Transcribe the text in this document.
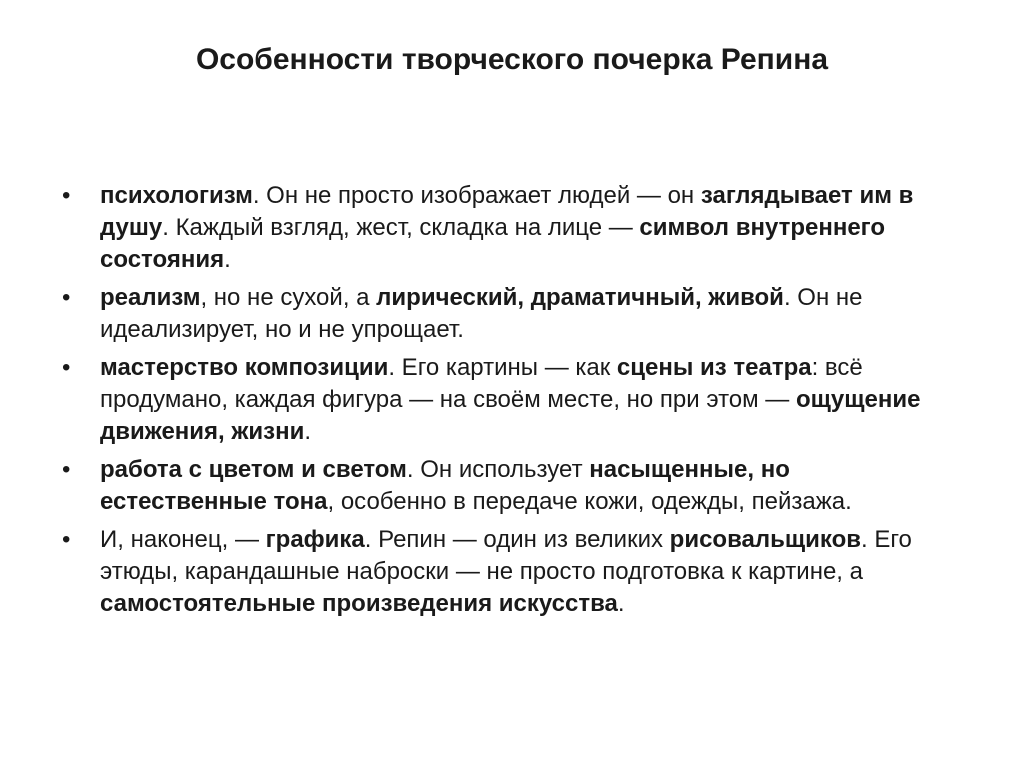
Особенности творческого почерка Репина
•	психологизм. Он не просто изображает людей — он заглядывает им в душу. Каждый взгляд, жест, складка на лице — символ внутреннего состояния.
•	реализм, но не сухой, а лирический, драматичный, живой. Он не идеализирует, но и не упрощает.
•	мастерство композиции. Его картины — как сцены из театра: всё продумано, каждая фигура — на своём месте, но при этом — ощущение движения, жизни.
•	работа с цветом и светом. Он использует насыщенные, но естественные тона, особенно в передаче кожи, одежды, пейзажа.
•	И, наконец, — графика. Репин — один из великих рисовальщиков. Его этюды, карандашные наброски — не просто подготовка к картине, а самостоятельные произведения искусства.
